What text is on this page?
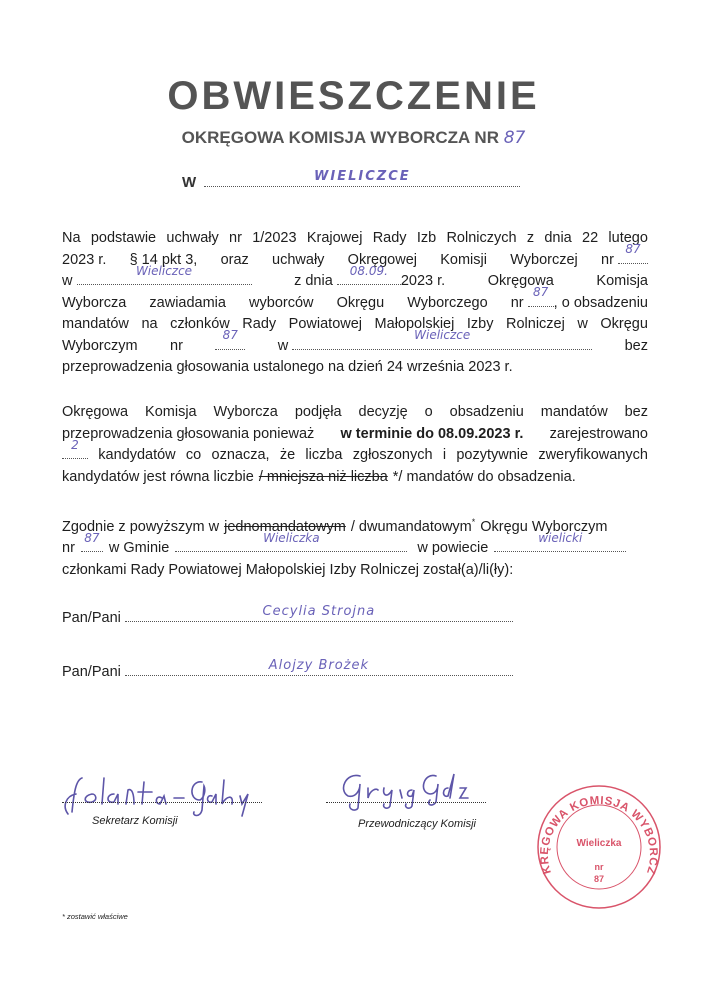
OBWIESZCZENIE
OKRĘGOWA KOMISJA WYBORCZA NR 87
W	WIELICZCE
Na podstawie uchwały nr 1/2023 Krajowej Rady Izb Rolniczych z dnia 22 lutego
2023 r. § 14 pkt 3, oraz uchwały Okręgowej Komisji Wyborczej nr
87
w
Wieliczce
z dnia
08.09.
2023 r.	Okręgowa	Komisja
Wyborcza zawiadamia wyborców Okręgu Wyborczego nr
87
, o obsadzeniu
mandatów na członków Rady Powiatowej Małopolskiej Izby Rolniczej w Okręgu
Wyborczym nr
87
w
Wieliczce
bez
przeprowadzenia głosowania ustalonego na dzień 24 września 2023 r.
Okręgowa Komisja Wyborcza podjęła decyzję o obsadzeniu mandatów bez
przeprowadzenia głosowania ponieważ w terminie do 08.09.2023 r. zarejestrowano
2
kandydatów co oznacza, że liczba zgłoszonych i pozytywnie zweryfikowanych
kandydatów jest równa liczbie / mniejsza niż liczba */ mandatów do obsadzenia.
Zgodnie z powyższym w jednomandatowym / dwumandatowym* Okręgu Wyborczym
nr
87
w Gminie
Wieliczka
w powiecie
wielicki
członkami Rady Powiatowej Małopolskiej Izby Rolniczej został(a)/li(ły):
Pan/Pani	Cecylia Strojna
Pan/Pani	Alojzy Brożek
Sekretarz Komisji	Przewodniczący Komisji
KRĘGOWA KOMISJA WYBORCZ
Wieliczka
nr
87
* zostawić właściwe
